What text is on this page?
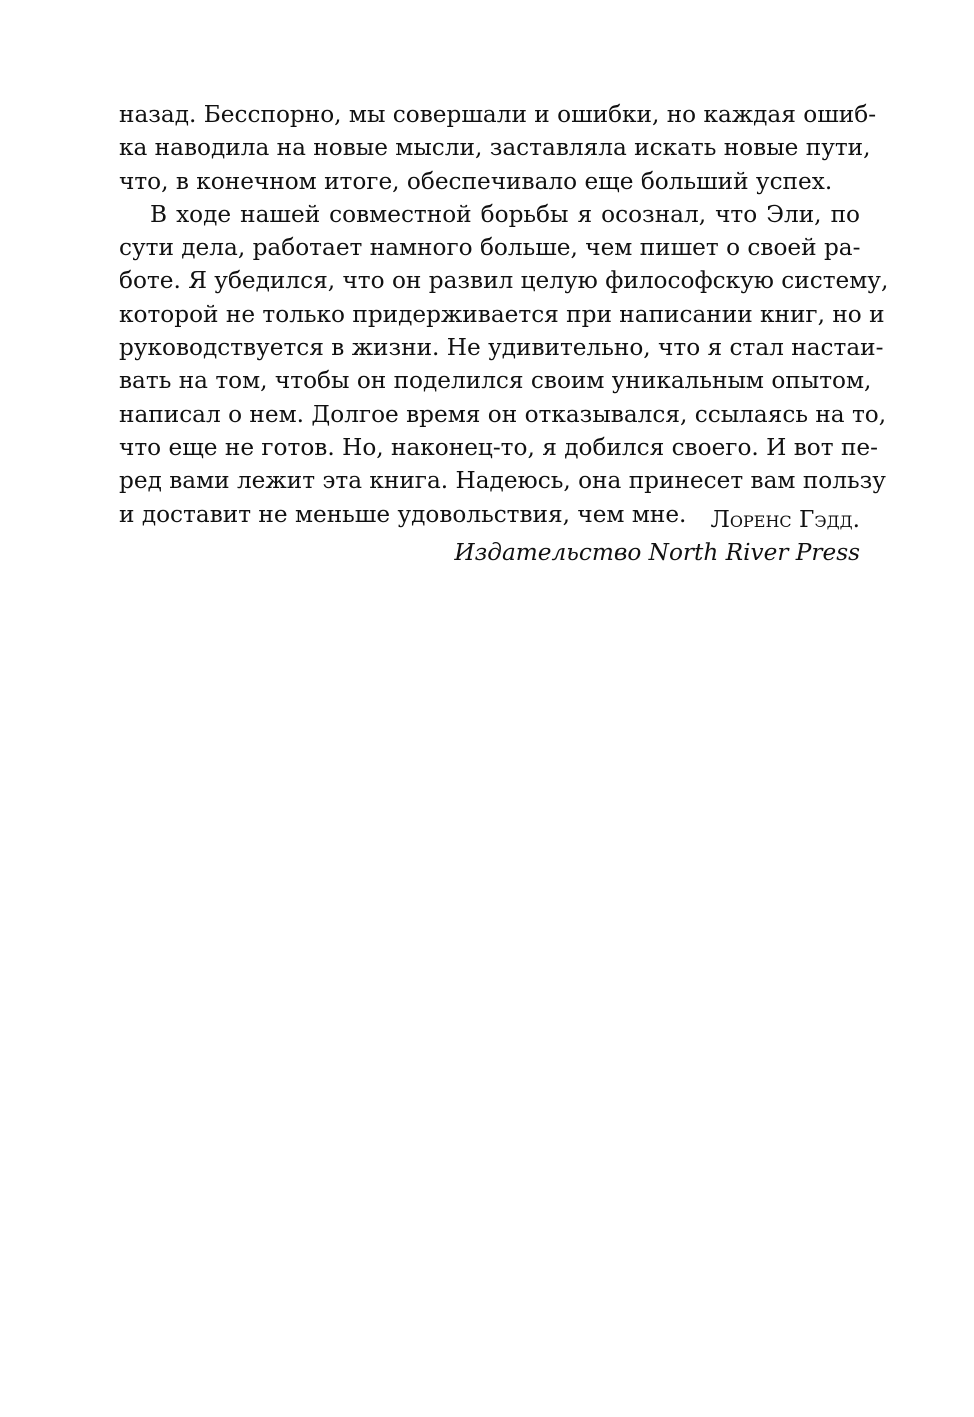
назад. Бесспорно, мы совершали и ошибки, но каждая ошиб-
ка наводила на новые мысли, заставляла искать новые пути,
что, в конечном итоге, обеспечивало еще больший успех.
В ходе нашей совместной борьбы я осознал, что Эли, по
сути дела, работает намного больше, чем пишет о своей ра-
боте. Я убедился, что он развил целую философскую систему,
которой не только придерживается при написании книг, но и
руководствуется в жизни. Не удивительно, что я стал настаи-
вать на том, чтобы он поделился своим уникальным опытом,
написал о нем. Долгое время он отказывался, ссылаясь на то,
что еще не готов. Но, наконец-то, я добился своего. И вот пе-
ред вами лежит эта книга. Надеюсь, она принесет вам пользу
и доставит не меньше удовольствия, чем мне.	Лоренс Гэдд.
Издательство North River Press
